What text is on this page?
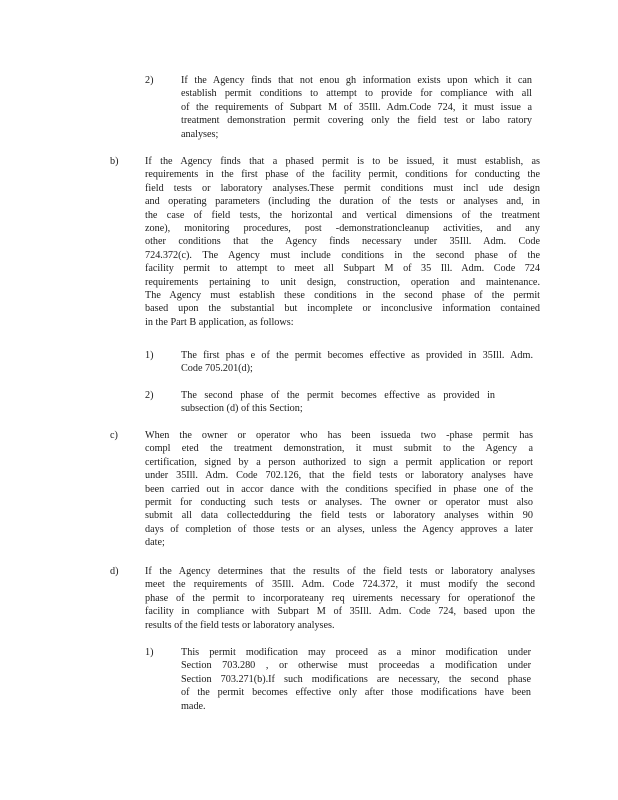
2)	If the Agency finds that not enou gh information exists upon which it can
establish permit conditions to attempt to provide for compliance with all
of the requirements of Subpart M of 35Ill. Adm.Code 724, it must issue a
treatment demonstration permit covering only the field test or labo ratory
analyses;
b)	If the Agency finds that a phased permit is to be issued, it must establish, as
requirements in the first phase of the facility permit, conditions for conducting the
field tests or laboratory analyses.These permit conditions must incl ude design
and operating parameters (including the duration of the tests or analyses and, in
the case of field tests, the horizontal and vertical dimensions of the treatment
zone), monitoring procedures, post -demonstrationcleanup activities, and any
other conditions that the Agency finds necessary under 35Ill. Adm. Code
724.372(c). The Agency must include conditions in the second phase of the
facility permit to attempt to meet all Subpart M of 35 Ill. Adm. Code 724
requirements pertaining to unit design, construction, operation and maintenance.
The Agency must establish these conditions in the second phase of the permit
based upon the substantial but incomplete or inconclusive information contained
in the Part B application, as follows:
1)	The first phas e of the permit becomes effective as provided in 35Ill. Adm.
Code 705.201(d);
2)	The second phase of the permit becomes effective as provided in
subsection (d) of this Section;
c)	When the owner or operator who has been issueda two -phase permit has
compl eted the treatment demonstration, it must submit to the Agency a
certification, signed by a person authorized to sign a permit application or report
under 35Ill. Adm. Code 702.126, that the field tests or laboratory analyses have
been carried out in accor dance with the conditions specified in phase one of the
permit for conducting such tests or analyses. The owner or operator must also
submit all data collectedduring the field tests or laboratory analyses within 90
days of completion of those tests or an alyses, unless the Agency approves a later
date;
d)	If the Agency determines that the results of the field tests or laboratory analyses
meet the requirements of 35Ill. Adm. Code 724.372, it must modify the second
phase of the permit to incorporateany req uirements necessary for operationof the
facility in compliance with Subpart M of 35Ill. Adm. Code 724, based upon the
results of the field tests or laboratory analyses.
1)	This permit modification may proceed as a minor modification under
Section 703.280 , or otherwise must proceedas a modification under
Section 703.271(b).If such modifications are necessary, the second phase
of the permit becomes effective only after those modifications have been
made.
